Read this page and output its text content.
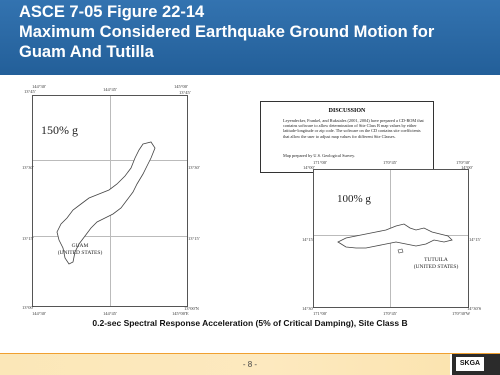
ASCE 7-05 Figure 22-14
Maximum Considered Earthquake Ground Motion for
Guam And Tutilla
144°30'
13°45'	144°45'
145°00'
13°45'
13°30'	13°30'
13°15'	13°15'
13°00'
144°30'	144°45'
13°00'N
145°00'E
150% g
GUAM
(UNITED STATES)
DISCUSSION
Leyendecker, Frankel, and Rukstales (2001, 2004) have prepared a CD-ROM that contains software to allow determination of Site Class B map values by either latitude-longitude or zip code. The software on the CD contains site coefficients that allow the user to adjust map values for different Site Classes.
Map prepared by U.S. Geological Survey.
171°00'
14°00'
170°45'	170°30'
14°00'
14°15'	14°15'
14°30'
171°00'	170°45'
14°30'S
170°30'W
100% g
TUTUILA
(UNITED STATES)
0.2-sec Spectral Response Acceleration (5% of Critical Damping), Site Class B
- 8 -	SKGA
